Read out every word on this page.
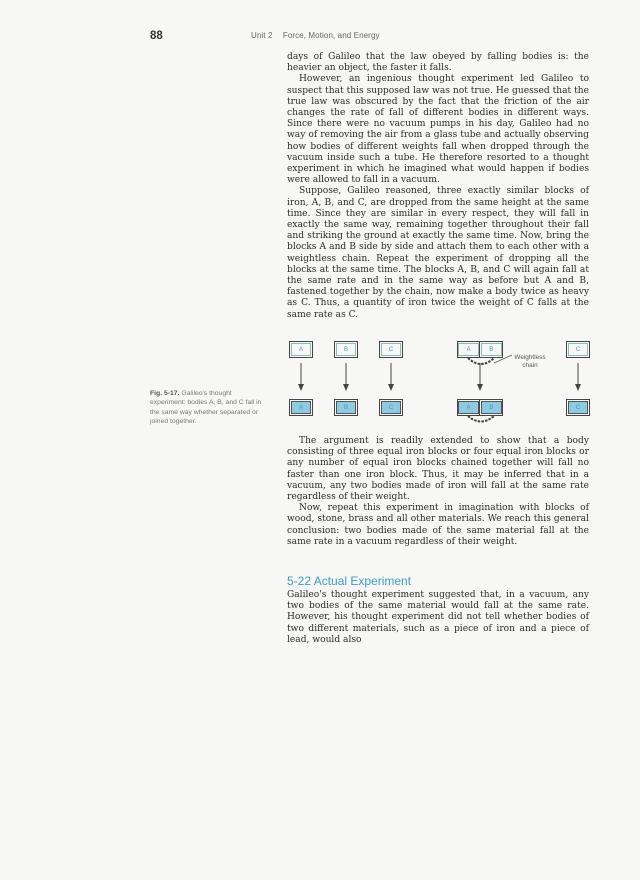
88	Unit 2 Force, Motion, and Energy

days of Galileo that the law obeyed by falling bodies is: the heavier an object, the faster it falls.

However, an ingenious thought experiment led Galileo to suspect that this supposed law was not true. He guessed that the true law was obscured by the fact that the friction of the air changes the rate of fall of different bodies in different ways. Since there were no vacuum pumps in his day, Galileo had no way of removing the air from a glass tube and actually observing how bodies of different weights fall when dropped through the vacuum inside such a tube. He therefore resorted to a thought experiment in which he imagined what would happen if bodies were allowed to fall in a vacuum.

Suppose, Galileo reasoned, three exactly similar blocks of iron, A, B, and C, are dropped from the same height at the same time. Since they are similar in every respect, they will fall in exactly the same way, remaining together throughout their fall and striking the ground at exactly the same time. Now, bring the blocks A and B side by side and attach them to each other with a weightless chain. Repeat the experiment of dropping all the blocks at the same time. The blocks A, B, and C will again fall at the same rate and in the same way as before but A and B, fastened together by the chain, now make a body twice as heavy as C. Thus, a quantity of iron twice the weight of C falls at the same rate as C.

Fig. 5-17. Galileo's thought experiment: bodies A, B, and C fall in the same way whether separated or joined together.

A	B	C
A	B	C
A	B
Weightless
chain
A	B
C
C

The argument is readily extended to show that a body consisting of three equal iron blocks or four equal iron blocks or any number of equal iron blocks chained together will fall no faster than one iron block. Thus, it may be inferred that in a vacuum, any two bodies made of iron will fall at the same rate regardless of their weight.

Now, repeat this experiment in imagination with blocks of wood, stone, brass and all other materials. We reach this general conclusion: two bodies made of the same material fall at the same rate in a vacuum regardless of their weight.

5-22 Actual Experiment

Galileo's thought experiment suggested that, in a vacuum, any two bodies of the same material would fall at the same rate. However, his thought experiment did not tell whether bodies of two different materials, such as a piece of iron and a piece of lead, would also
